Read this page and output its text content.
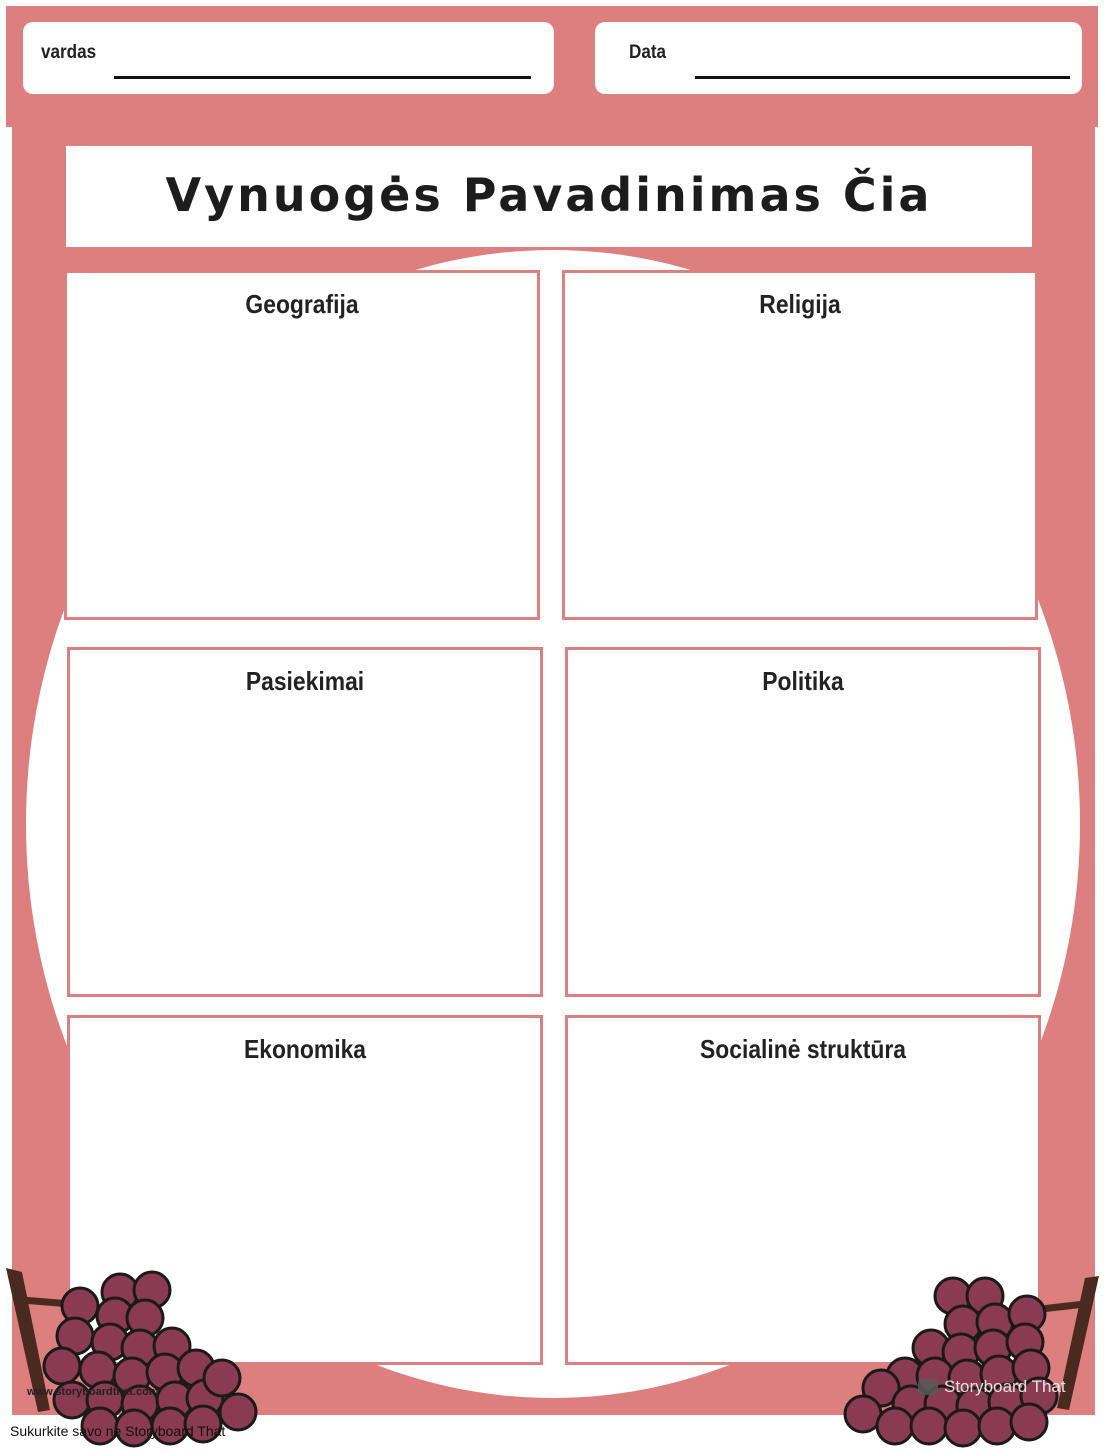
vardas	Data
Vynuogės Pavadinimas Čia
Geografija	Religija
Pasiekimai	Politika
Ekonomika	Socialinė struktūra
www.storyboardthat.com
Sukurkite savo ne Storyboard That
Storyboard That
